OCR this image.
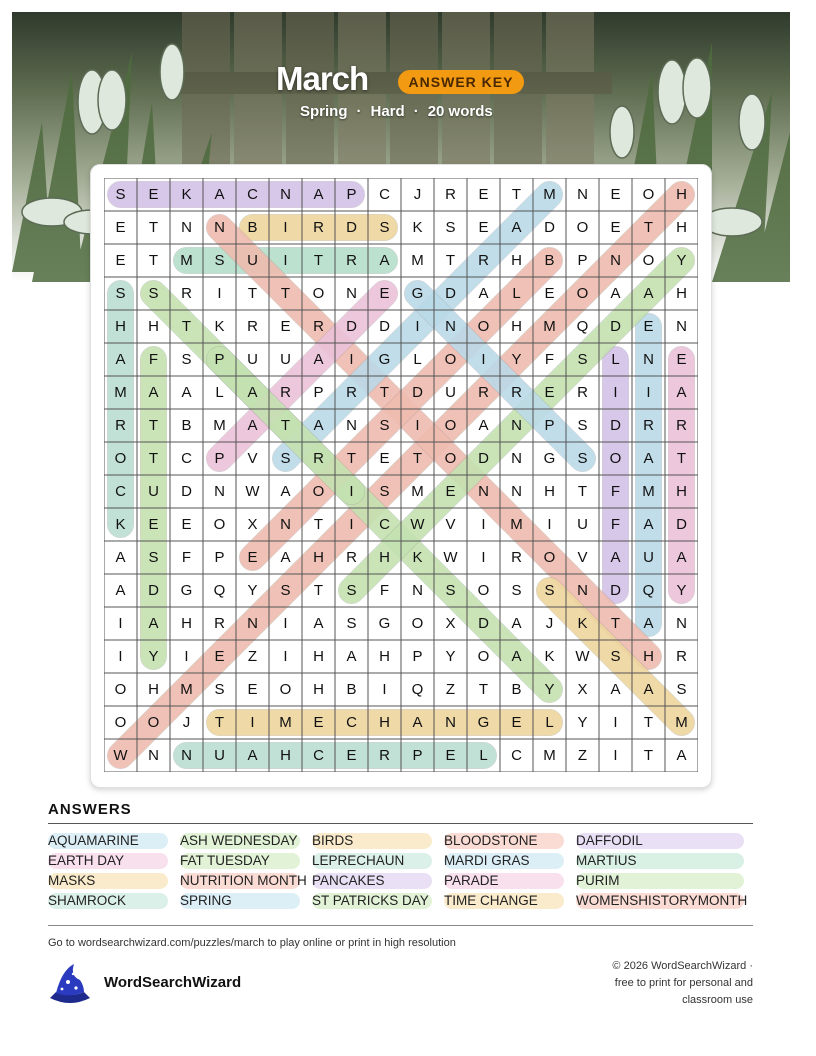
March	ANSWER KEY
Spring · Hard · 20 words
S	E	K	A	C	N	A	P	C	J	R	E	T	M	N	E	O	H
E	T	N	N	B	I	R	D	S	K	S	E	A	D	O	E	T	H
E	T	M	S	U	I	T	R	A	M	T	R	H	B	P	N	O	Y
S	S	R	I	T	T	O	N	E	G	D	A	L	E	O	A	A	H
H	H	T	K	R	E	R	D	D	I	N	O	H	M	Q	D	E	N
A	F	S	P	U	U	A	I	G	L	O	I	Y	F	S	L	N	E
M	A	A	L	A	R	P	R	T	D	U	R	R	E	R	I	I	A
R	T	B	M	A	T	A	N	S	I	O	A	N	P	S	D	R	R
O	T	C	P	V	S	R	T	E	T	O	D	N	G	S	O	A	T
C	U	D	N	W	A	O	I	S	M	E	N	N	H	T	F	M	H
K	E	E	O	X	N	T	I	C	W	V	I	M	I	U	F	A	D
A	S	F	P	E	A	H	R	H	K	W	I	R	O	V	A	U	A
A	D	G	Q	Y	S	T	S	F	N	S	O	S	S	N	D	Q	Y
I	A	H	R	N	I	A	S	G	O	X	D	A	J	K	T	A	N
I	Y	I	E	Z	I	H	A	H	P	Y	O	A	K	W	S	H	R
O	H	M	S	E	O	H	B	I	Q	Z	T	B	Y	X	A	A	S
O	O	J	T	I	M	E	C	H	A	N	G	E	L	Y	I	T	M
W	N	N	U	A	H	C	E	R	P	E	L	C	M	Z	I	T	A
ANSWERS
AQUAMARINE
EARTH DAY
MASKS
SHAMROCK
ASH WEDNESDAY
FAT TUESDAY
NUTRITION MONTH
SPRING
BIRDS
LEPRECHAUN
PANCAKES
ST PATRICKS DAY
BLOODSTONE
MARDI GRAS
PARADE
TIME CHANGE
DAFFODIL
MARTIUS
PURIM
WOMENSHISTORYMONTH
Go to wordsearchwizard.com/puzzles/march to play online or print in high resolution
WordSearchWizard
© 2026 WordSearchWizard ·
free to print for personal and
classroom use
